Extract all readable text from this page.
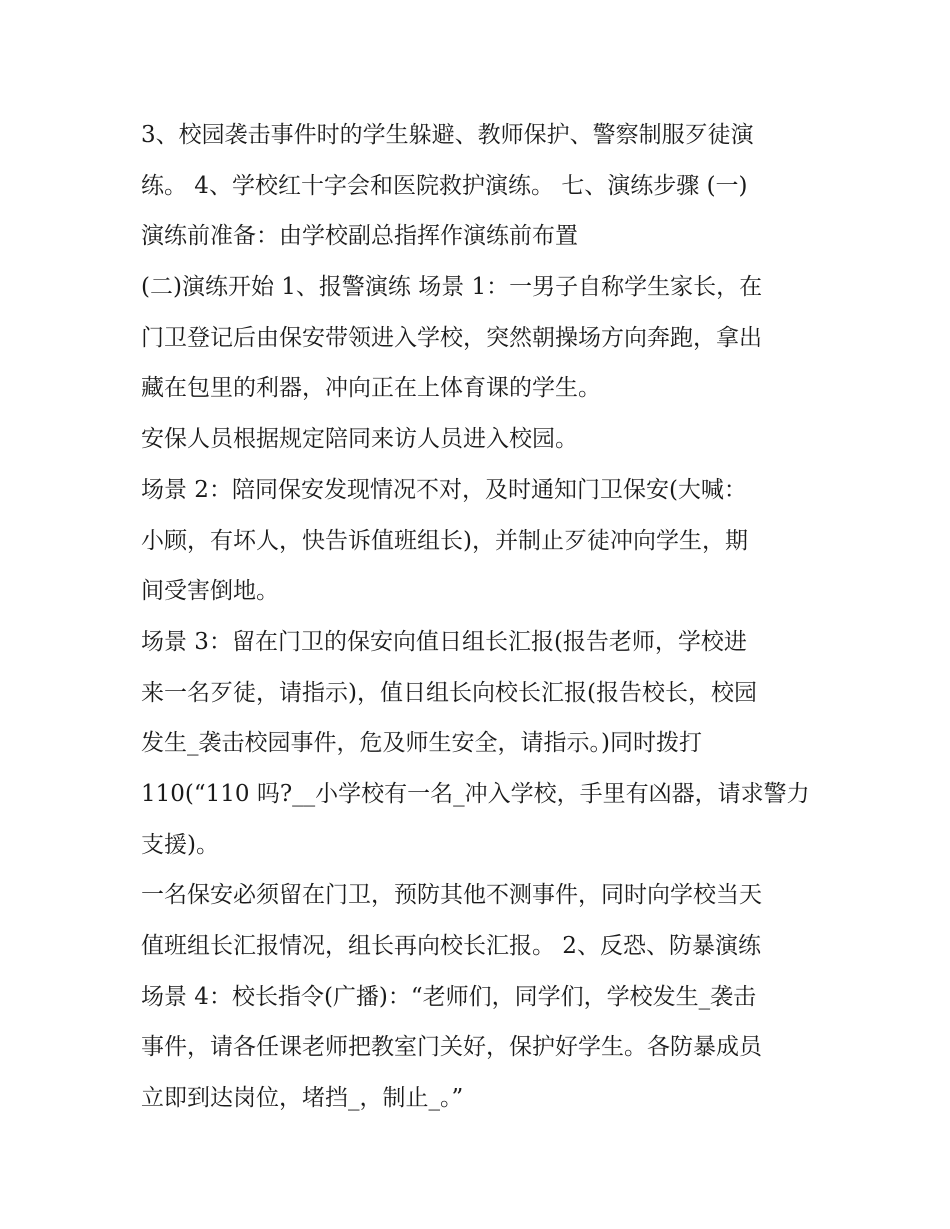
3、校园袭击事件时的学生躲避、教师保护、警察制服歹徒演
练。 4、学校红十字会和医院救护演练。 七、演练步骤 (一)
演练前准备：由学校副总指挥作演练前布置
(二)演练开始 1、报警演练 场景 1：一男子自称学生家长，在
门卫登记后由保安带领进入学校，突然朝操场方向奔跑，拿出
藏在包里的利器，冲向正在上体育课的学生。
安保人员根据规定陪同来访人员进入校园。
场景 2：陪同保安发现情况不对，及时通知门卫保安(大喊：
小顾，有坏人，快告诉值班组长)，并制止歹徒冲向学生，期
间受害倒地。
场景 3：留在门卫的保安向值日组长汇报(报告老师，学校进
来一名歹徒，请指示)，值日组长向校长汇报(报告校长，校园
发生_袭击校园事件，危及师生安全，请指示。)同时拨打
110(“110 吗?__小学校有一名_冲入学校，手里有凶器，请求警力
支援)。
一名保安必须留在门卫，预防其他不测事件，同时向学校当天
值班组长汇报情况，组长再向校长汇报。 2、反恐、防暴演练
场景 4：校长指令(广播)：“老师们，同学们，学校发生_袭击
事件，请各任课老师把教室门关好，保护好学生。各防暴成员
立即到达岗位，堵挡_，制止_。”
